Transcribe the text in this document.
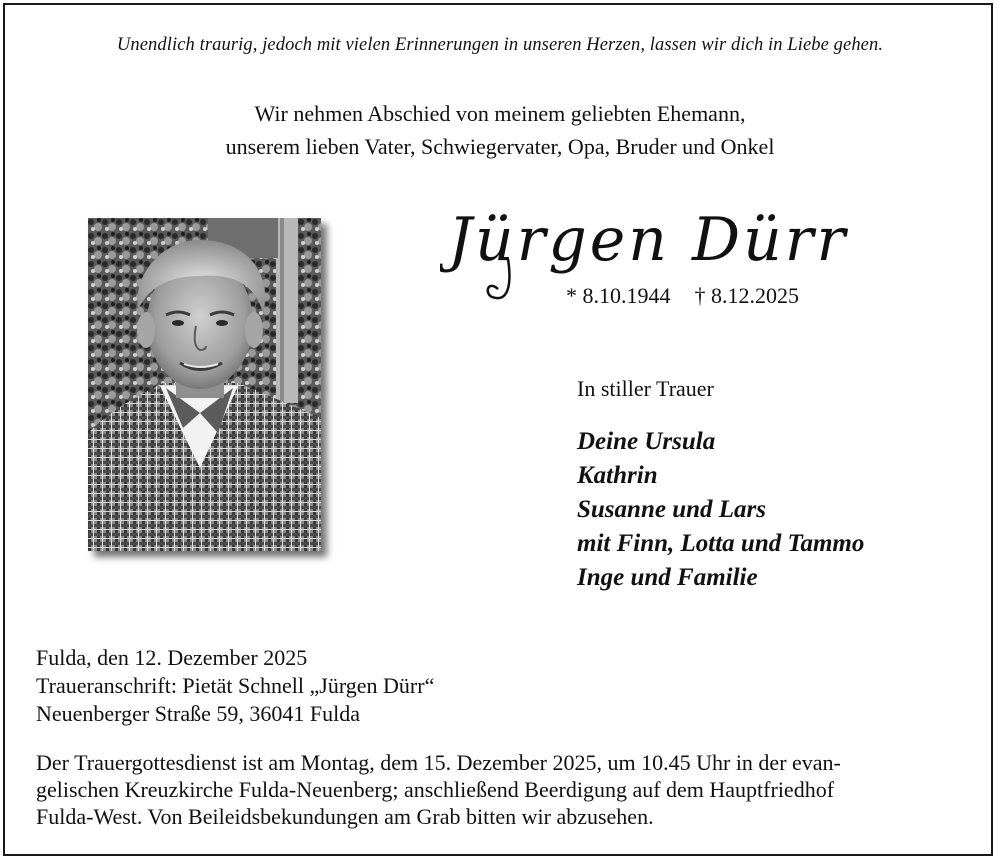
Unendlich traurig, jedoch mit vielen Erinnerungen in unseren Herzen, lassen wir dich in Liebe gehen.
Wir nehmen Abschied von meinem geliebten Ehemann,
unserem lieben Vater, Schwiegervater, Opa, Bruder und Onkel
Jürgen Dürr
* 8.10.1944 † 8.12.2025
In stiller Trauer
Deine Ursula
Kathrin
Susanne und Lars
mit Finn, Lotta und Tammo
Inge und Familie
Fulda, den 12. Dezember 2025
Traueranschrift: Pietät Schnell „Jürgen Dürr“
Neuenberger Straße 59, 36041 Fulda
Der Trauergottesdienst ist am Montag, dem 15. Dezember 2025, um 10.45 Uhr in der evan-
gelischen Kreuzkirche Fulda-Neuenberg; anschließend Beerdigung auf dem Hauptfriedhof
Fulda-West. Von Beileidsbekundungen am Grab bitten wir abzusehen.
